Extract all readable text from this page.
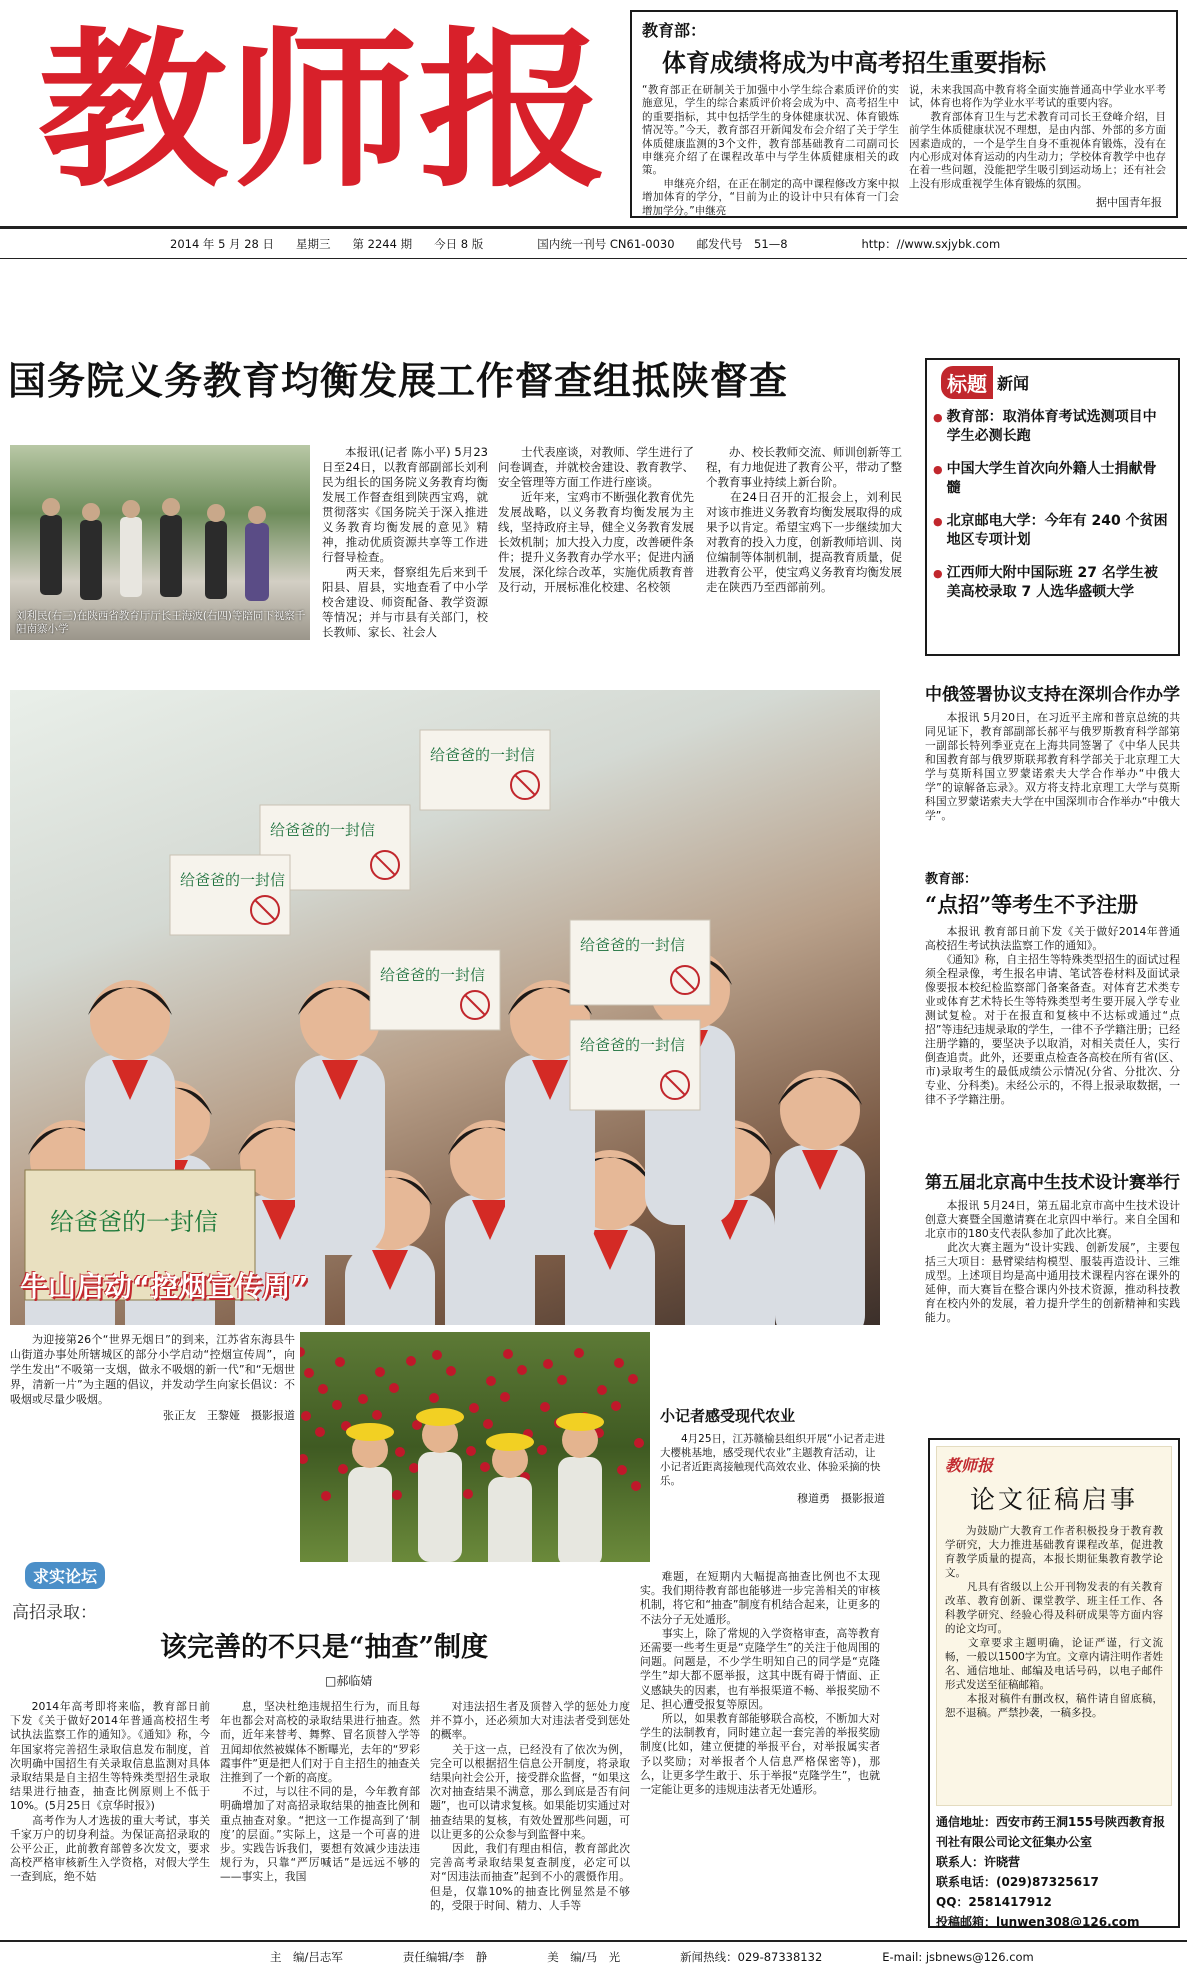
教师报 教育部：
体育成绩将成为中高考招生重要指标
“教育部正在研制关于加强中小学生综合素质评价的实施意见，学生的综合素质评价将会成为中、高考招生中的重要指标，其中包括学生的身体健康状况、体育锻炼情况等。”今天，教育部召开新闻发布会介绍了关于学生体质健康监测的3个文件，教育部基础教育二司副司长申继亮介绍了在课程改革中与学生体质健康相关的政策。
　　申继亮介绍，在正在制定的高中课程修改方案中拟增加体育的学分，“目前为止的设计中只有体育一门会增加学分。”申继亮
说，未来我国高中教育将全面实施普通高中学业水平考试，体育也将作为学业水平考试的重要内容。
　　教育部体育卫生与艺术教育司司长王登峰介绍，目前学生体质健康状况不理想，是由内部、外部的多方面因素造成的，一个是学生自身不重视体育锻炼，没有在内心形成对体育运动的内生动力；学校体育教学中也存在着一些问题，没能把学生吸引到运动场上；还有社会上没有形成重视学生体育锻炼的氛围。
据中国青年报
2014 年 5 月 28 日 星期三 第 2244 期 今日 8 版	国内统一刊号 CN61-0030 邮发代号　51—8	http：//www.sxjybk.com
国务院义务教育均衡发展工作督查组抵陕督查
刘利民(右三)在陕西省教育厅厅长王海波(右四)等陪同下视察千阳南寨小学
本报讯(记者 陈小平) 5月23日至24日，以教育部副部长刘利民为组长的国务院义务教育均衡发展工作督查组到陕西宝鸡，就贯彻落实《国务院关于深入推进义务教育均衡发展的意见》精神，推动优质资源共享等工作进行督导检查。
　　两天来，督察组先后来到千阳县、眉县，实地查看了中小学校舍建设、师资配备、教学资源等情况；并与市县有关部门，校长教师、家长、社会人
士代表座谈，对教师、学生进行了问卷调查，并就校舍建设、教育教学、安全管理等方面工作进行座谈。
　　近年来，宝鸡市不断强化教育优先发展战略，以义务教育均衡发展为主线，坚持政府主导，健全义务教育发展长效机制；加大投入力度，改善硬件条件；提升义务教育办学水平；促进内涵发展，深化综合改革，实施优质教育普及行动，开展标准化校建、名校领
办、校长教师交流、师训创新等工程，有力地促进了教育公平，带动了整个教育事业持续上新台阶。
　　在24日召开的汇报会上，刘利民对该市推进义务教育均衡发展取得的成果予以肯定。希望宝鸡下一步继续加大对教育的投入力度，创新教师培训、岗位编制等体制机制，提高教育质量，促进教育公平，使宝鸡义务教育均衡发展走在陕西乃至西部前列。
标题 新闻
● 教育部：取消体育考试选测项目中学生必测长跑
● 中国大学生首次向外籍人士捐献骨髓
● 北京邮电大学：今年有 240 个贫困地区专项计划
● 江西师大附中国际班 27 名学生被美高校录取 7 人选华盛顿大学
给爸爸的一封信
给爸爸的一封信
给爸爸的一封信
给爸爸的一封信
给爸爸的一封信
给爸爸的一封信
给爸爸的一封信
牛山启动“控烟宣传周”
为迎接第26个“世界无烟日”的到来，江苏省东海县牛山街道办事处所辖城区的部分小学启动“控烟宣传周”，向学生发出“不吸第一支烟，做永不吸烟的新一代”和“无烟世界，清新一片”为主题的倡议，并发动学生向家长倡议：不吸烟或尽量少吸烟。
张正友　王黎娅　摄影报道	小记者感受现代农业
4月25日，江苏赣榆县组织开展“小记者走进大樱桃基地，感受现代农业”主题教育活动，让小记者近距离接触现代高效农业、体验采摘的快乐。
穆道勇　摄影报道
中俄签署协议支持在深圳合作办学
本报讯 5月20日，在习近平主席和普京总统的共同见证下，教育部副部长郝平与俄罗斯教育科学部第一副部长特列季亚克在上海共同签署了《中华人民共和国教育部与俄罗斯联邦教育科学部关于北京理工大学与莫斯科国立罗蒙诺索夫大学合作举办“中俄大学”的谅解备忘录》。双方将支持北京理工大学与莫斯科国立罗蒙诺索夫大学在中国深圳市合作举办“中俄大学”。
教育部：
“点招”等考生不予注册
本报讯 教育部日前下发《关于做好2014年普通高校招生考试执法监察工作的通知》。
　　《通知》称，自主招生等特殊类型招生的面试过程须全程录像，考生报名申请、笔试答卷材料及面试录像要报本校纪检监察部门备案备查。对体育艺术类专业或体育艺术特长生等特殊类型考生要开展入学专业测试复检。对于在报直和复核中不达标或通过“点招”等违纪违规录取的学生，一律不予学籍注册；已经注册学籍的，要坚决予以取消，对相关责任人，实行倒查追责。此外，还要重点检查各高校在所有省(区、市)录取考生的最低成绩公示情况(分省、分批次、分专业、分科类)。未经公示的，不得上报录取数据，一律不予学籍注册。
第五届北京高中生技术设计赛举行
本报讯 5月24日，第五届北京市高中生技术设计创意大赛暨全国邀请赛在北京四中举行。来自全国和北京市的180支代表队参加了此次比赛。
　　此次大赛主题为“设计实践、创新发展”，主要包括三大项目：悬臂梁结构模型、服装再造设计、三维成型。上述项目均是高中通用技术课程内容在课外的延伸，而大赛旨在整合课内外技术资源，推动科技教育在校内外的发展，着力提升学生的创新精神和实践能力。
求实论坛
高招录取：
该完善的不只是“抽查”制度
□郝临婧
2014年高考即将来临，教育部日前下发《关于做好2014年普通高校招生考试执法监察工作的通知》。《通知》称，今年国家将完善招生录取信息发布制度，首次明确中国招生有关录取信息监测对具体录取结果是自主招生等特殊类型招生录取结果进行抽查，抽查比例原则上不低于10%。(5月25日《京华时报》)
　　高考作为人才选拔的重大考试，事关千家万户的切身利益。为保证高招录取的公平公正，此前教育部曾多次发文，要求高校严格审核新生入学资格，对假大学生一查到底，绝不姑
息，坚决杜绝违规招生行为，而且每年也都会对高校的录取结果进行抽查。然而，近年来替考、舞弊、冒名顶替入学等丑闻却依然被媒体不断曝光，去年的“罗彩霞事件”更是把人们对于自主招生的抽查关注推到了一个新的高度。
　　不过，与以往不同的是，今年教育部明确增加了对高招录取结果的抽查比例和重点抽查对象。“把这一工作提高到了‘制度’的层面。”实际上，这是一个可喜的进步。实践告诉我们，要想有效减少违法违规行为，只靠“严厉喊话”是远远不够的——事实上，我国
对违法招生者及顶替入学的惩处力度并不算小，还必须加大对违法者受到惩处的概率。
　　关于这一点，已经没有了依次为例，完全可以根据招生信息公开制度，将录取结果向社会公开，接受群众监督，“如果这次对抽查结果不满意，那么到底是否有问题”，也可以请求复核。如果能切实通过对抽查结果的复核，有效处置那些问题，可以让更多的公众参与到监督中来。
　　因此，我们有理由相信，教育部此次完善高考录取结果复查制度，必定可以对“因违法而抽查”起到不小的震慑作用。但是，仅靠10%的抽查比例显然是不够的，受限于时间、精力、人手等
难题，在短期内大幅提高抽查比例也不太现实。我们期待教育部也能够进一步完善相关的审核机制，将它和“抽查”制度有机结合起来，让更多的不法分子无处遁形。
　　事实上，除了常规的入学资格审查，高等教育还需要一些考生更是“克隆学生”的关注于他周围的问题。问题是，不少学生明知自己的同学是“克隆学生”却大都不愿举报，这其中既有碍于情面、正义感缺失的因素，也有举报渠道不畅、举报奖励不足、担心遭受报复等原因。
　　所以，如果教育部能够联合高校，不断加大对学生的法制教育，同时建立起一套完善的举报奖励制度(比如，建立便捷的举报平台，对举报属实者予以奖励；对举报者个人信息严格保密等)，那么，让更多学生敢于、乐于举报“克隆学生”，也就一定能让更多的违规违法者无处遁形。
教师报
论文征稿启事
为鼓励广大教育工作者积极投身于教育教学研究，大力推进基础教育课程改革，促进教育教学质量的提高，本报长期征集教育教学论文。
　　凡具有省级以上公开刊物发表的有关教育改革、教育创新、课堂教学、班主任工作、各科教学研究、经验心得及科研成果等方面内容的论文均可。
　　文章要求主题明确，论证严谨，行文流畅，一般以1500字为宜。文章内请注明作者姓名、通信地址、邮编及电话号码，以电子邮件形式发送至征稿邮箱。
　　本报对稿件有删改权，稿件请自留底稿，恕不退稿。严禁抄袭，一稿多投。
通信地址：西安市药王洞155号陕西教育报刊社有限公司论文征集办公室
联系人：许晓营
联系电话：(029)87325617
QQ：2581417912
投稿邮箱：lunwen308@126.com
主　编/吕志军	责任编辑/李　静	美　编/马　光	新闻热线：029-87338132	E-mail: jsbnews@126.com
